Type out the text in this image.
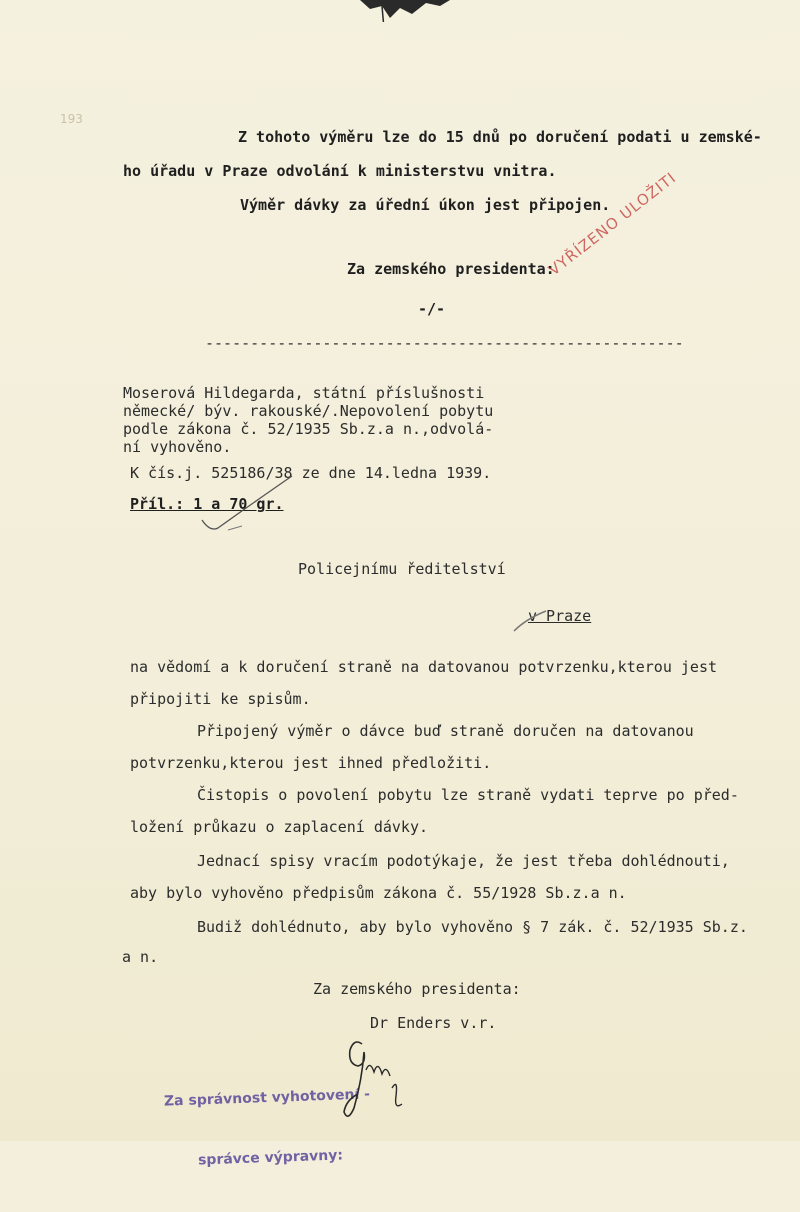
193
Z tohoto výměru lze do 15 dnů po doručení podati u zemské-
ho úřadu v Praze odvolání k ministerstvu vnitra.
Výměr dávky za úřední úkon jest připojen.
Za zemského presidenta:
-/-
-----------------------------------------------------
Moserová Hildegarda, státní příslušnosti
německé/ býv. rakouské/.Nepovolení pobytu
podle zákona č. 52/1935 Sb.z.a n.,odvolá-
ní vyhověno.
K čís.j. 525186/38 ze dne 14.ledna 1939.
Příl.: 1 a 70 gr.
Policejnímu ředitelství
v Praze
na vědomí a k doručení straně na datovanou potvrzenku,kterou jest
připojiti ke spisům.
Připojený výměr o dávce buď straně doručen na datovanou
potvrzenku,kterou jest ihned předložiti.
Čistopis o povolení pobytu lze straně vydati teprve po před-
ložení průkazu o zaplacení dávky.
Jednací spisy vracím podotýkaje, že jest třeba dohlédnouti,
aby bylo vyhověno předpisům zákona č. 55/1928 Sb.z.a n.
Budiž dohlédnuto, aby bylo vyhověno § 7 zák. č. 52/1935 Sb.z.
a n.
Za zemského presidenta:
Dr Enders v.r.
VYŘÍZENO ULOŽITI

Za správnost vyhotovení -

správce výpravny:
